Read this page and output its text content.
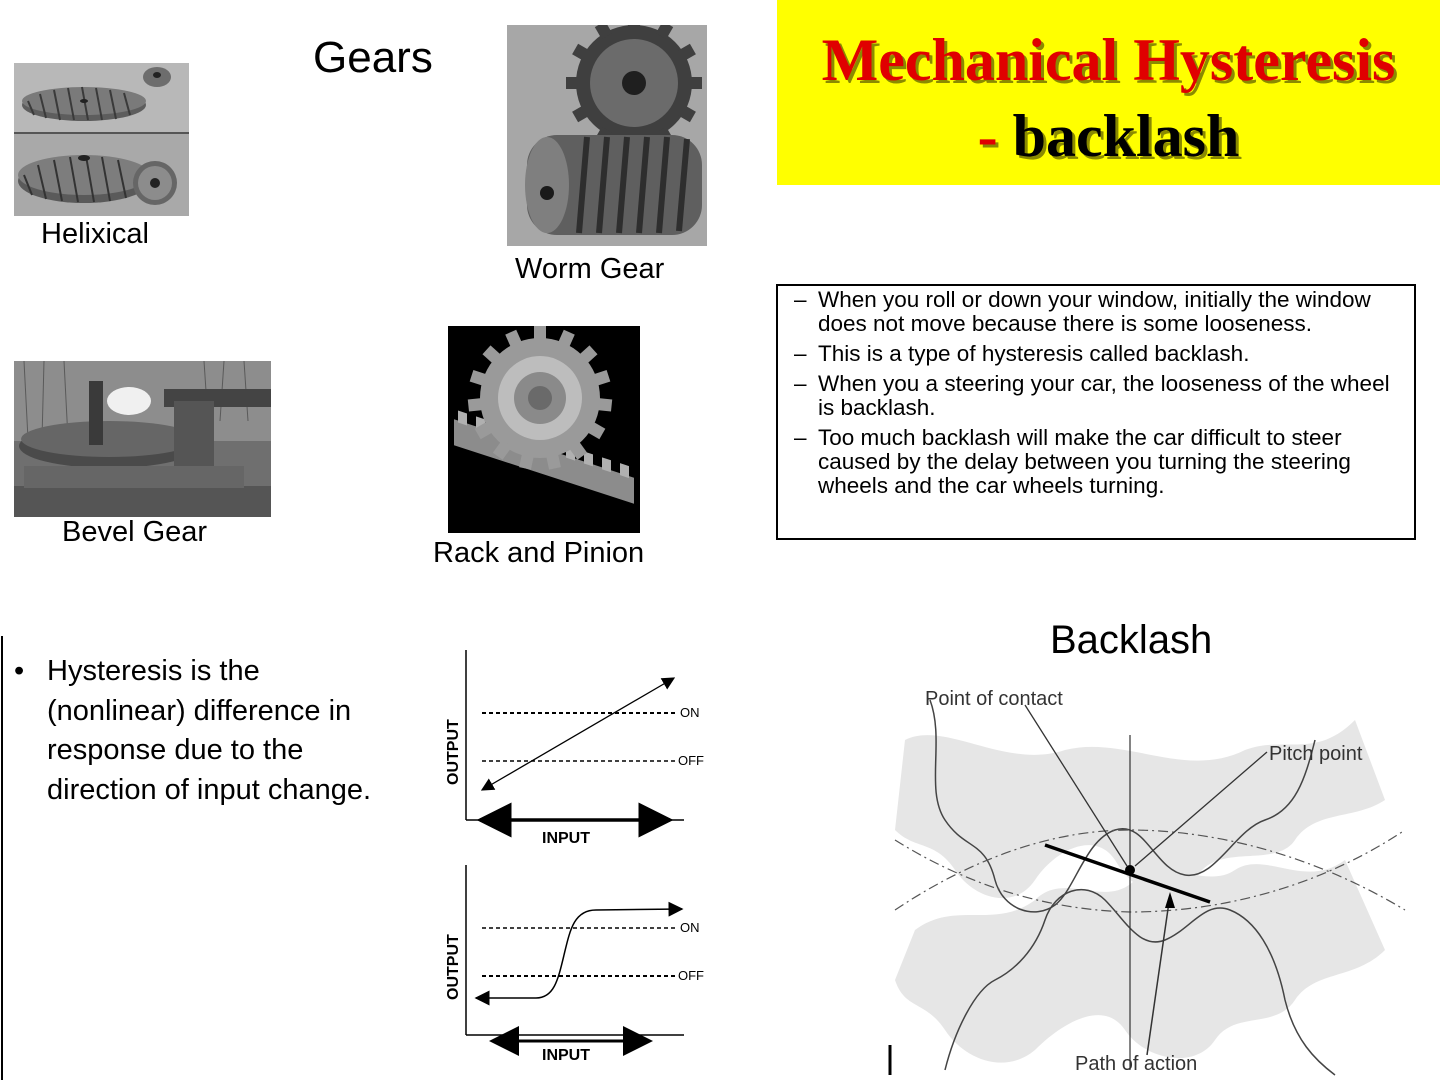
Mechanical Hysteresis
- backlash
Gears
Helixical
Worm Gear
Bevel Gear
Rack and Pinion
– When you roll or down your window, initially the window does not move because there is some looseness.
– This is a type of hysteresis called backlash.
– When you a steering your car, the looseness of the wheel is backlash.
– Too much backlash will make the car difficult to steer caused by the delay between you turning the steering wheels and the car wheels turning.
• Hysteresis is the (nonlinear) difference in response due to the direction of input change.
ON
OFF
OUTPUT
INPUT
ON
OFF
OUTPUT
INPUT
Backlash
Point of contact
Pitch point
Path of action
